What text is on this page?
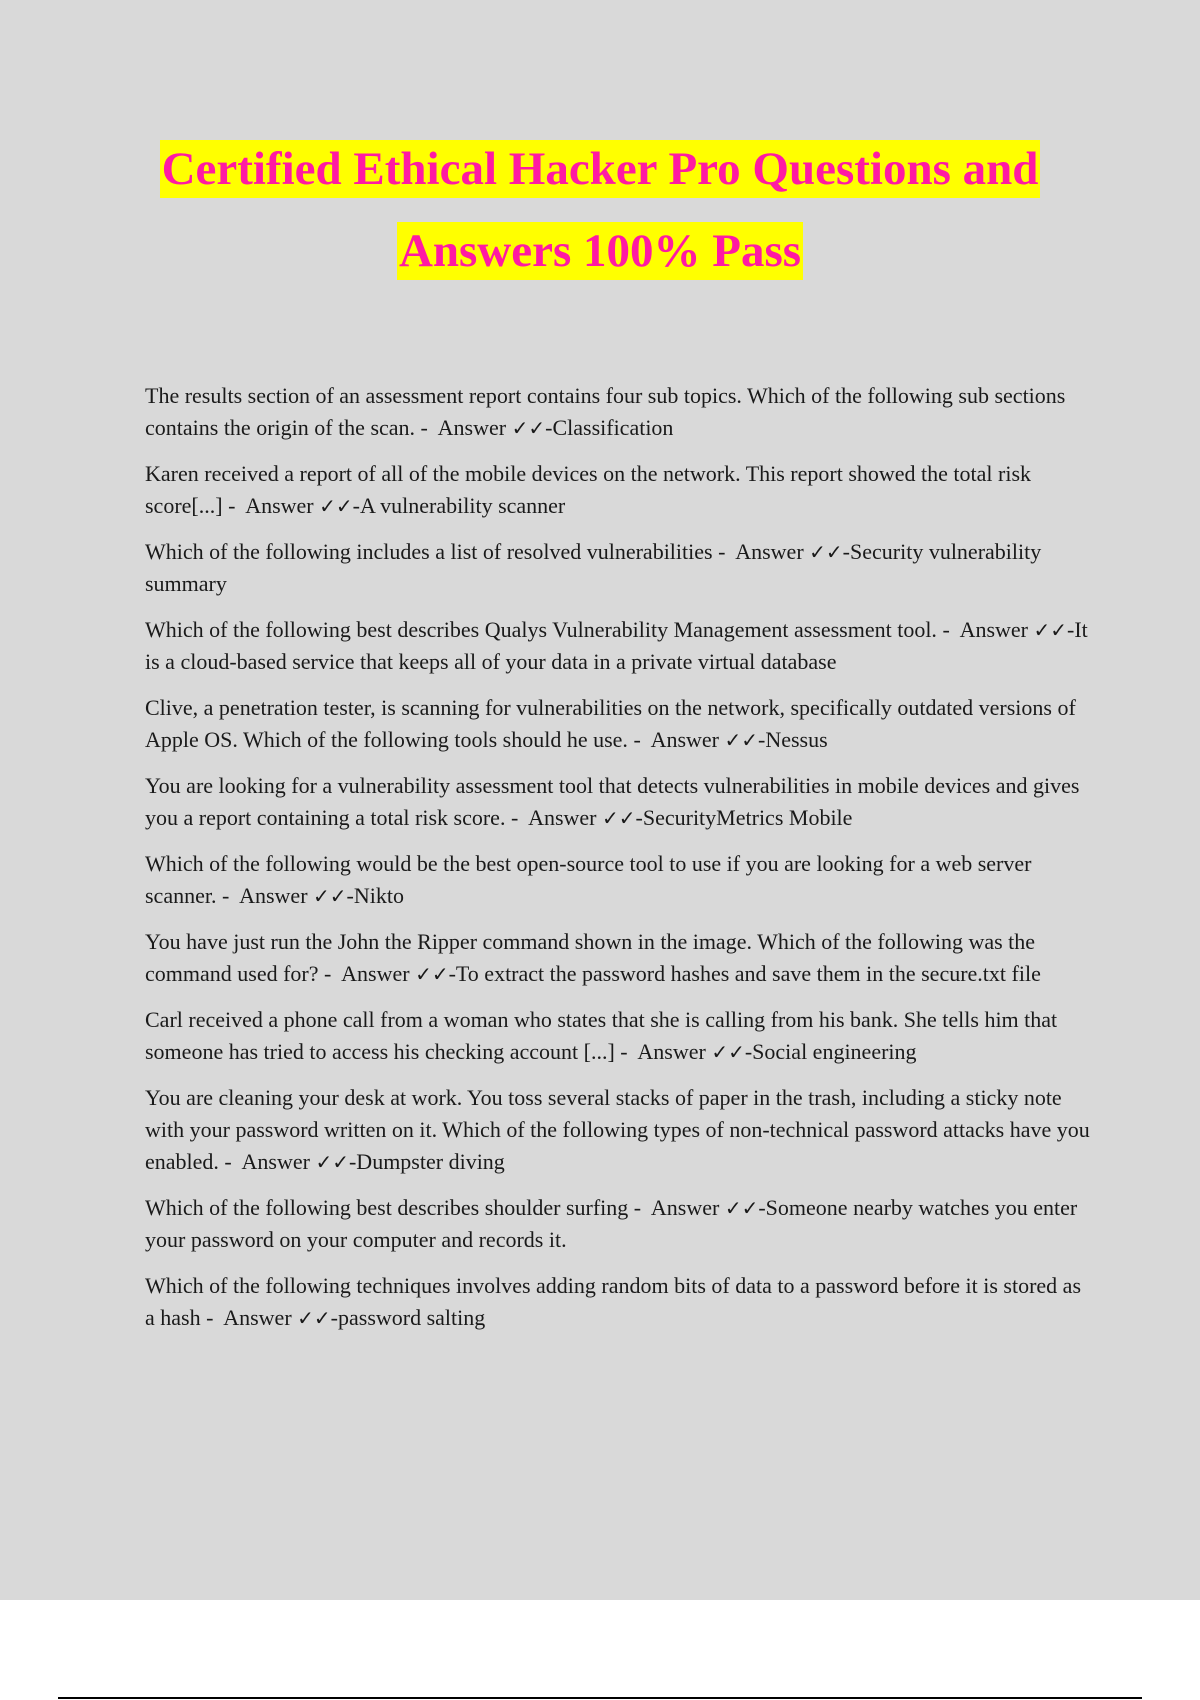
Certified Ethical Hacker Pro Questions and
Answers 100% Pass
The results section of an assessment report contains four sub topics. Which of the following sub sections contains the origin of the scan. -  Answer ✓✓-Classification
Karen received a report of all of the mobile devices on the network. This report showed the total risk score[...] -  Answer ✓✓-A vulnerability scanner
Which of the following includes a list of resolved vulnerabilities -  Answer ✓✓-Security vulnerability summary
Which of the following best describes Qualys Vulnerability Management assessment tool. -  Answer ✓✓-It is a cloud-based service that keeps all of your data in a private virtual database
Clive, a penetration tester, is scanning for vulnerabilities on the network, specifically outdated versions of Apple OS. Which of the following tools should he use. -  Answer ✓✓-Nessus
You are looking for a vulnerability assessment tool that detects vulnerabilities in mobile devices and gives you a report containing a total risk score. -  Answer ✓✓-SecurityMetrics Mobile
Which of the following would be the best open-source tool to use if you are looking for a web server scanner. -  Answer ✓✓-Nikto
You have just run the John the Ripper command shown in the image. Which of the following was the command used for? -  Answer ✓✓-To extract the password hashes and save them in the secure.txt file
Carl received a phone call from a woman who states that she is calling from his bank. She tells him that someone has tried to access his checking account [...] -  Answer ✓✓-Social engineering
You are cleaning your desk at work. You toss several stacks of paper in the trash, including a sticky note with your password written on it. Which of the following types of non-technical password attacks have you enabled. -  Answer ✓✓-Dumpster diving
Which of the following best describes shoulder surfing -  Answer ✓✓-Someone nearby watches you enter your password on your computer and records it.
Which of the following techniques involves adding random bits of data to a password before it is stored as a hash -  Answer ✓✓-password salting
